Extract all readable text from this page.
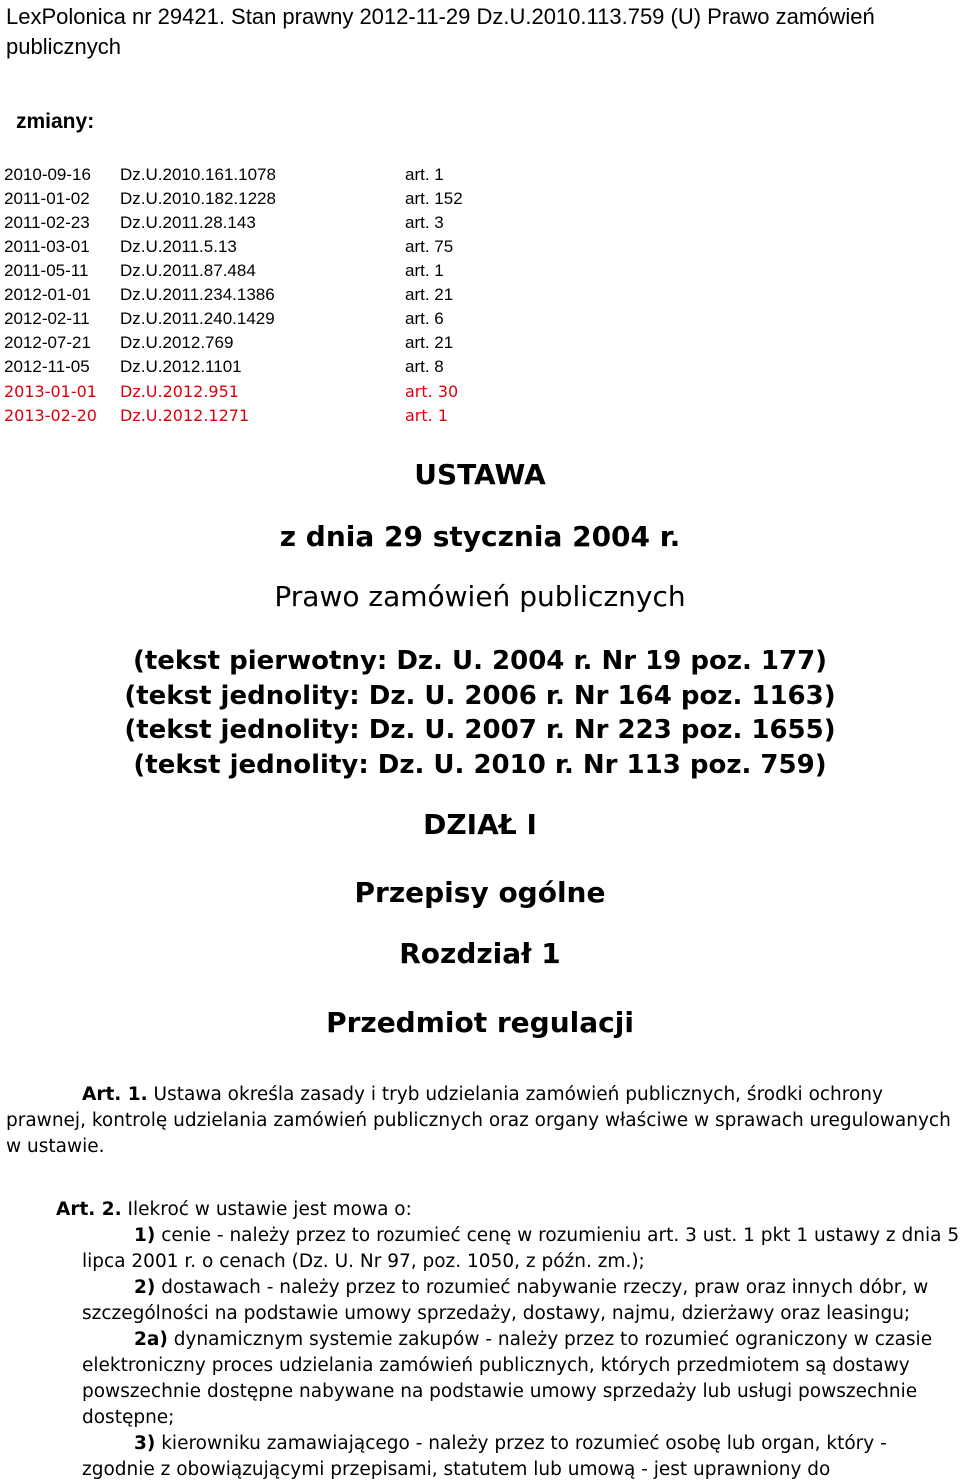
LexPolonica nr 29421. Stan prawny 2012-11-29 Dz.U.2010.113.759 (U) Prawo zamówień publicznych
zmiany:
2010-09-16 Dz.U.2010.161.1078	art. 1
2011-01-02 Dz.U.2010.182.1228	art. 152
2011-02-23 Dz.U.2011.28.143	art. 3
2011-03-01 Dz.U.2011.5.13	art. 75
2011-05-11 Dz.U.2011.87.484	art. 1
2012-01-01 Dz.U.2011.234.1386	art. 21
2012-02-11 Dz.U.2011.240.1429	art. 6
2012-07-21 Dz.U.2012.769	art. 21
2012-11-05 Dz.U.2012.1101	art. 8
2013-01-01 Dz.U.2012.951	art. 30
2013-02-20 Dz.U.2012.1271	art. 1
USTAWA
z dnia 29 stycznia 2004 r.
Prawo zamówień publicznych
(tekst pierwotny: Dz. U. 2004 r. Nr 19 poz. 177)
(tekst jednolity: Dz. U. 2006 r. Nr 164 poz. 1163)
(tekst jednolity: Dz. U. 2007 r. Nr 223 poz. 1655)
(tekst jednolity: Dz. U. 2010 r. Nr 113 poz. 759)
DZIAŁ I
Przepisy ogólne
Rozdział 1
Przedmiot regulacji
Art. 1. Ustawa określa zasady i tryb udzielania zamówień publicznych, środki ochrony prawnej, kontrolę udzielania zamówień publicznych oraz organy właściwe w sprawach uregulowanych w ustawie.
Art. 2. Ilekroć w ustawie jest mowa o:
1) cenie - należy przez to rozumieć cenę w rozumieniu art. 3 ust. 1 pkt 1 ustawy z dnia 5 lipca 2001 r. o cenach (Dz. U. Nr 97, poz. 1050, z późn. zm.);
2) dostawach - należy przez to rozumieć nabywanie rzeczy, praw oraz innych dóbr, w szczególności na podstawie umowy sprzedaży, dostawy, najmu, dzierżawy oraz leasingu;
2a) dynamicznym systemie zakupów - należy przez to rozumieć ograniczony w czasie elektroniczny proces udzielania zamówień publicznych, których przedmiotem są dostawy powszechnie dostępne nabywane na podstawie umowy sprzedaży lub usługi powszechnie dostępne;
3) kierowniku zamawiającego - należy przez to rozumieć osobę lub organ, który - zgodnie z obowiązującymi przepisami, statutem lub umową - jest uprawniony do
